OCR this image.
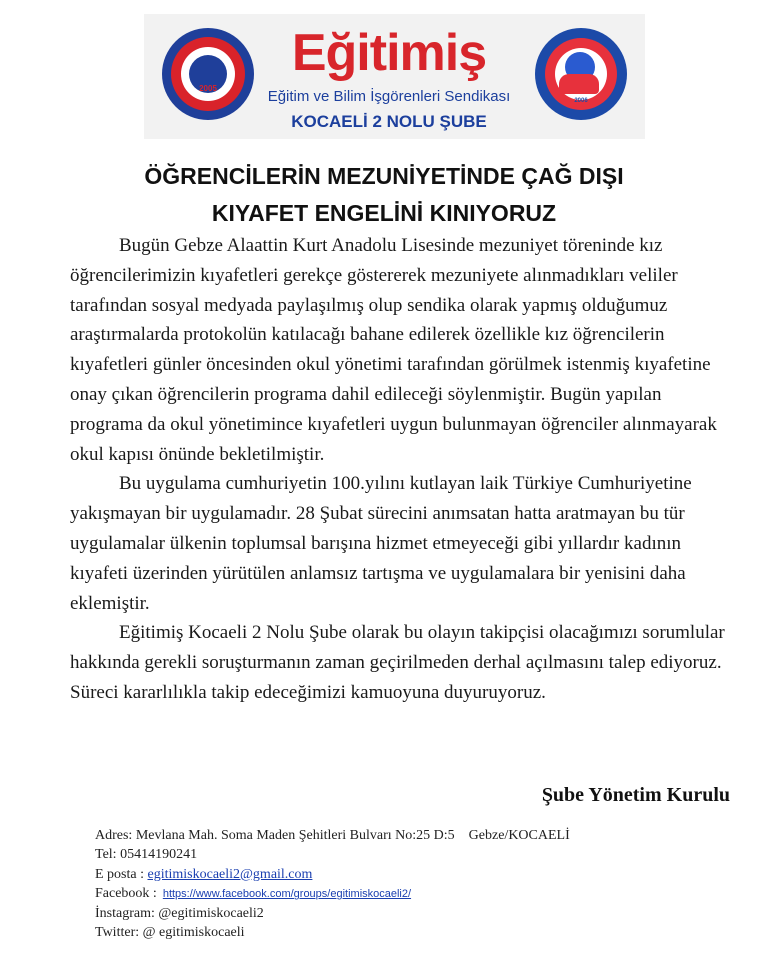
2005
Eğitimiş
Eğitim ve Bilim İşgörenleri Sendikası
KOCAELİ 2 NOLU ŞUBE
2006
ÖĞRENCİLERİN MEZUNİYETİNDE ÇAĞ DIŞI
KIYAFET ENGELİNİ KINIYORUZ

Bugün Gebze Alaattin Kurt Anadolu Lisesinde mezuniyet töreninde kız öğrencilerimizin kıyafetleri gerekçe göstererek mezuniyete alınmadıkları veliler tarafından sosyal medyada paylaşılmış olup sendika olarak yapmış olduğumuz araştırmalarda protokolün katılacağı bahane edilerek özellikle kız öğrencilerin kıyafetleri günler öncesinden okul yönetimi tarafından görülmek istenmiş kıyafetine onay çıkan öğrencilerin programa dahil edileceği söylenmiştir. Bugün yapılan programa da okul yönetimince kıyafetleri uygun bulunmayan öğrenciler alınmayarak okul kapısı önünde bekletilmiştir.

Bu uygulama cumhuriyetin 100.yılını kutlayan laik Türkiye Cumhuriyetine yakışmayan bir uygulamadır. 28 Şubat sürecini anımsatan hatta aratmayan bu tür uygulamalar ülkenin toplumsal barışına hizmet etmeyeceği gibi yıllardır kadının kıyafeti üzerinden yürütülen anlamsız tartışma ve uygulamalara bir yenisini daha eklemiştir.

Eğitimiş Kocaeli 2 Nolu Şube olarak bu olayın takipçisi olacağımızı sorumlular hakkında gerekli soruşturmanın zaman geçirilmeden derhal açılmasını talep ediyoruz. Süreci kararlılıkla takip edeceğimizi kamuoyuna duyuruyoruz.

Şube Yönetim Kurulu
Adres: Mevlana Mah. Soma Maden Şehitleri Bulvarı No:25 D:5 Gebze/KOCAELİ
Tel: 05414190241
E posta : egitimiskocaeli2@gmail.com
Facebook : https://www.facebook.com/groups/egitimiskocaeli2/
İnstagram: @egitimiskocaeli2
Twitter: @ egitimiskocaeli
